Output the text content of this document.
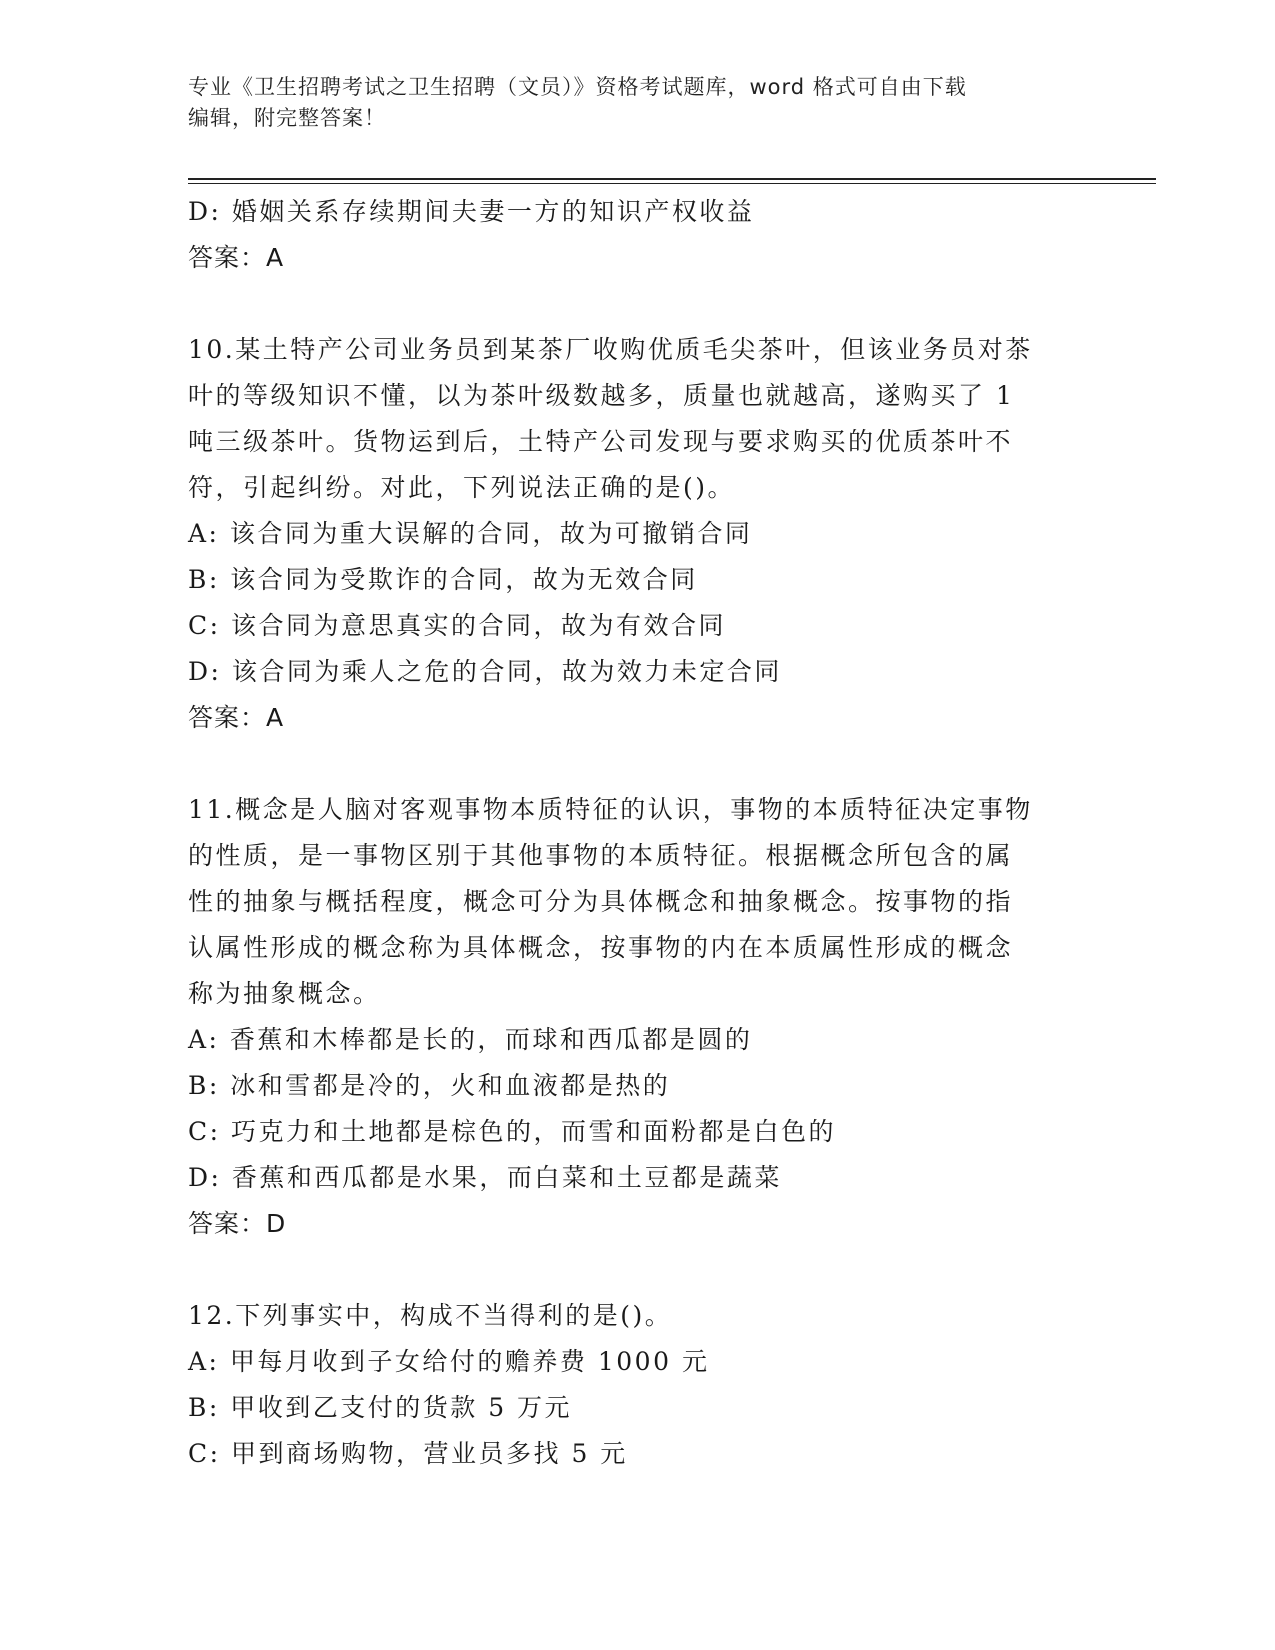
专业《卫生招聘考试之卫生招聘（文员）》资格考试题库，word 格式可自由下载
编辑，附完整答案！
D: 婚姻关系存续期间夫妻一方的知识产权收益
答案：A
10.某土特产公司业务员到某茶厂收购优质毛尖茶叶，但该业务员对茶
叶的等级知识不懂，以为茶叶级数越多，质量也就越高，遂购买了 1
吨三级茶叶。货物运到后，土特产公司发现与要求购买的优质茶叶不
符，引起纠纷。对此，下列说法正确的是()。
A: 该合同为重大误解的合同，故为可撤销合同
B: 该合同为受欺诈的合同，故为无效合同
C: 该合同为意思真实的合同，故为有效合同
D: 该合同为乘人之危的合同，故为效力未定合同
答案：A
11.概念是人脑对客观事物本质特征的认识，事物的本质特征决定事物
的性质，是一事物区别于其他事物的本质特征。根据概念所包含的属
性的抽象与概括程度，概念可分为具体概念和抽象概念。按事物的指
认属性形成的概念称为具体概念，按事物的内在本质属性形成的概念
称为抽象概念。
A: 香蕉和木棒都是长的，而球和西瓜都是圆的
B: 冰和雪都是冷的，火和血液都是热的
C: 巧克力和土地都是棕色的，而雪和面粉都是白色的
D: 香蕉和西瓜都是水果，而白菜和土豆都是蔬菜
答案：D
12.下列事实中，构成不当得利的是()。
A: 甲每月收到子女给付的赡养费 1000 元
B: 甲收到乙支付的货款 5 万元
C: 甲到商场购物，营业员多找 5 元
